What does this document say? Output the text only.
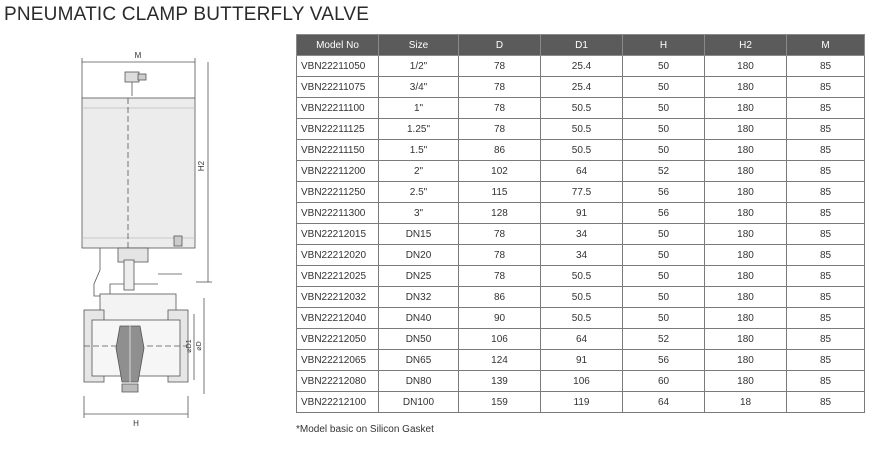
PNEUMATIC CLAMP BUTTERFLY VALVE
M
H2
⌀D1 ⌀D
H
Model No	Size	D	D1	H	H2	M
VBN22211050	1/2"	78	25.4	50	180	85
VBN22211075	3/4"	78	25.4	50	180	85
VBN22211100	1"	78	50.5	50	180	85
VBN22211125	1.25"	78	50.5	50	180	85
VBN22211150	1.5"	86	50.5	50	180	85
VBN22211200	2"	102	64	52	180	85
VBN22211250	2.5"	115	77.5	56	180	85
VBN22211300	3"	128	91	56	180	85
VBN22212015	DN15	78	34	50	180	85
VBN22212020	DN20	78	34	50	180	85
VBN22212025	DN25	78	50.5	50	180	85
VBN22212032	DN32	86	50.5	50	180	85
VBN22212040	DN40	90	50.5	50	180	85
VBN22212050	DN50	106	64	52	180	85
VBN22212065	DN65	124	91	56	180	85
VBN22212080	DN80	139	106	60	180	85
VBN22212100	DN100	159	119	64	18	85
*Model basic on Silicon Gasket
